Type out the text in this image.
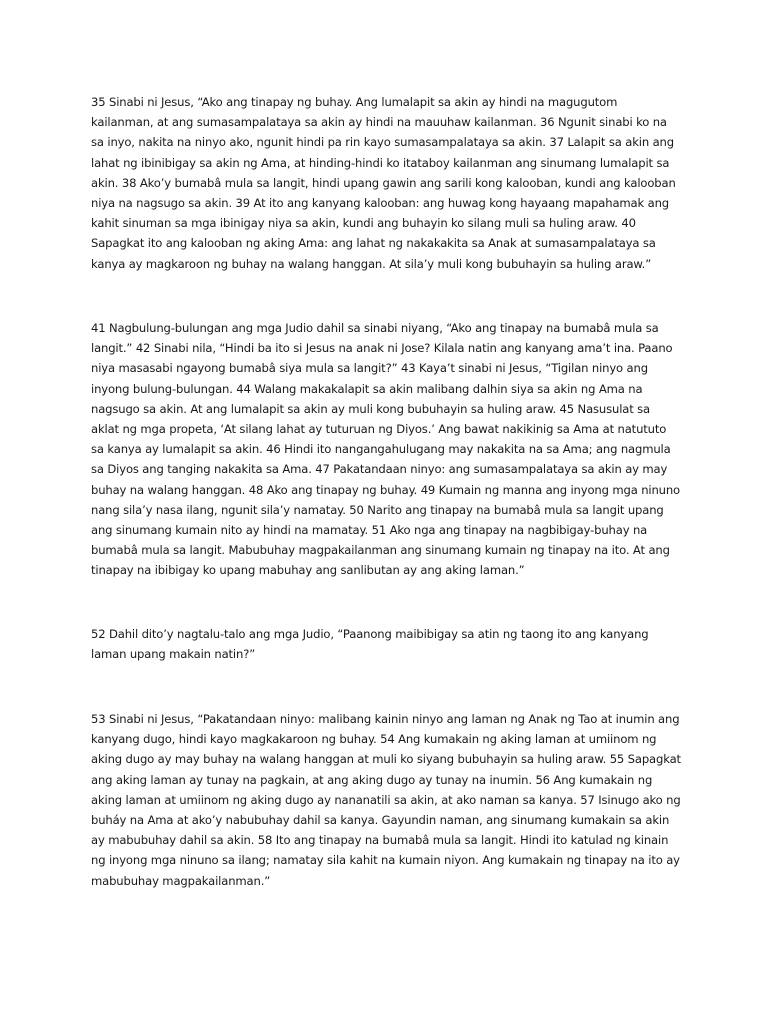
35 Sinabi ni Jesus, “Ako ang tinapay ng buhay. Ang lumalapit sa akin ay hindi na magugutom kailanman, at ang sumasampalataya sa akin ay hindi na mauuhaw kailanman. 36 Ngunit sinabi ko na sa inyo, nakita na ninyo ako, ngunit hindi pa rin kayo sumasampalataya sa akin. 37 Lalapit sa akin ang lahat ng ibinibigay sa akin ng Ama, at hinding-hindi ko itataboy kailanman ang sinumang lumalapit sa akin. 38 Ako’y bumabâ mula sa langit, hindi upang gawin ang sarili kong kalooban, kundi ang kalooban niya na nagsugo sa akin. 39 At ito ang kanyang kalooban: ang huwag kong hayaang mapahamak ang kahit sinuman sa mga ibinigay niya sa akin, kundi ang buhayin ko silang muli sa huling araw. 40 Sapagkat ito ang kalooban ng aking Ama: ang lahat ng nakakakita sa Anak at sumasampalataya sa kanya ay magkaroon ng buhay na walang hanggan. At sila’y muli kong bubuhayin sa huling araw.”

41 Nagbulung-bulungan ang mga Judio dahil sa sinabi niyang, “Ako ang tinapay na bumabâ mula sa langit.” 42 Sinabi nila, “Hindi ba ito si Jesus na anak ni Jose? Kilala natin ang kanyang ama’t ina. Paano niya masasabi ngayong bumabâ siya mula sa langit?” 43 Kaya’t sinabi ni Jesus, “Tigilan ninyo ang inyong bulung-bulungan. 44 Walang makakalapit sa akin malibang dalhin siya sa akin ng Ama na nagsugo sa akin. At ang lumalapit sa akin ay muli kong bubuhayin sa huling araw. 45 Nasusulat sa aklat ng mga propeta, ‘At silang lahat ay tuturuan ng Diyos.’ Ang bawat nakikinig sa Ama at natututo sa kanya ay lumalapit sa akin. 46 Hindi ito nangangahulugang may nakakita na sa Ama; ang nagmula sa Diyos ang tanging nakakita sa Ama. 47 Pakatandaan ninyo: ang sumasampalataya sa akin ay may buhay na walang hanggan. 48 Ako ang tinapay ng buhay. 49 Kumain ng manna ang inyong mga ninuno nang sila’y nasa ilang, ngunit sila’y namatay. 50 Narito ang tinapay na bumabâ mula sa langit upang ang sinumang kumain nito ay hindi na mamatay. 51 Ako nga ang tinapay na nagbibigay-buhay na bumabâ mula sa langit. Mabubuhay magpakailanman ang sinumang kumain ng tinapay na ito. At ang tinapay na ibibigay ko upang mabuhay ang sanlibutan ay ang aking laman.”

52 Dahil dito’y nagtalu-talo ang mga Judio, “Paanong maibibigay sa atin ng taong ito ang kanyang laman upang makain natin?”

53 Sinabi ni Jesus, “Pakatandaan ninyo: malibang kainin ninyo ang laman ng Anak ng Tao at inumin ang kanyang dugo, hindi kayo magkakaroon ng buhay. 54 Ang kumakain ng aking laman at umiinom ng aking dugo ay may buhay na walang hanggan at muli ko siyang bubuhayin sa huling araw. 55 Sapagkat ang aking laman ay tunay na pagkain, at ang aking dugo ay tunay na inumin. 56 Ang kumakain ng aking laman at umiinom ng aking dugo ay nananatili sa akin, at ako naman sa kanya. 57 Isinugo ako ng buháy na Ama at ako’y nabubuhay dahil sa kanya. Gayundin naman, ang sinumang kumakain sa akin ay mabubuhay dahil sa akin. 58 Ito ang tinapay na bumabâ mula sa langit. Hindi ito katulad ng kinain ng inyong mga ninuno sa ilang; namatay sila kahit na kumain niyon. Ang kumakain ng tinapay na ito ay mabubuhay magpakailanman.”
